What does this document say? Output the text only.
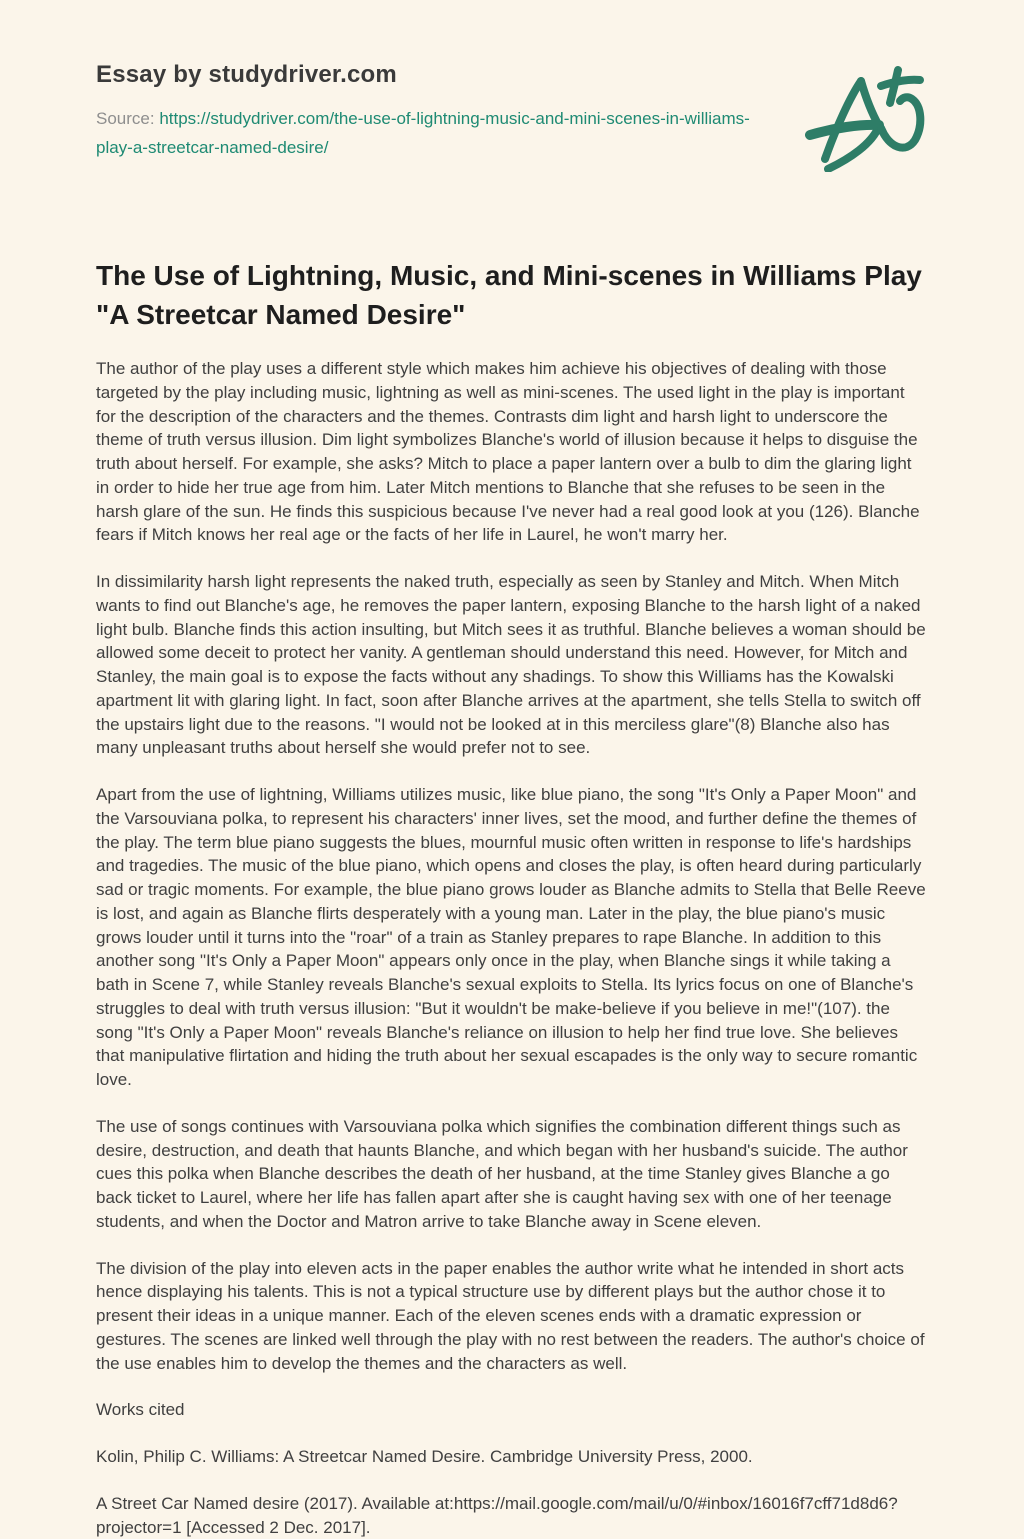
Essay by studydriver.com

Source: https://studydriver.com/the-use-of-lightning-music-and-mini-scenes-in-williams-play-a-streetcar-named-desire/

The Use of Lightning, Music, and Mini-scenes in Williams Play "A Streetcar Named Desire"

The author of the play uses a different style which makes him achieve his objectives of dealing with those targeted by the play including music, lightning as well as mini-scenes. The used light in the play is important for the description of the characters and the themes. Contrasts dim light and harsh light to underscore the theme of truth versus illusion. Dim light symbolizes Blanche's world of illusion because it helps to disguise the truth about herself. For example, she asks? Mitch to place a paper lantern over a bulb to dim the glaring light in order to hide her true age from him. Later Mitch mentions to Blanche that she refuses to be seen in the harsh glare of the sun. He finds this suspicious because I've never had a real good look at you (126). Blanche fears if Mitch knows her real age or the facts of her life in Laurel, he won't marry her.

In dissimilarity harsh light represents the naked truth, especially as seen by Stanley and Mitch. When Mitch wants to find out Blanche's age, he removes the paper lantern, exposing Blanche to the harsh light of a naked light bulb. Blanche finds this action insulting, but Mitch sees it as truthful. Blanche believes a woman should be allowed some deceit to protect her vanity. A gentleman should understand this need. However, for Mitch and Stanley, the main goal is to expose the facts without any shadings. To show this Williams has the Kowalski apartment lit with glaring light. In fact, soon after Blanche arrives at the apartment, she tells Stella to switch off the upstairs light due to the reasons. "I would not be looked at in this merciless glare"(8) Blanche also has many unpleasant truths about herself she would prefer not to see.

Apart from the use of lightning, Williams utilizes music, like blue piano, the song "It's Only a Paper Moon" and the Varsouviana polka, to represent his characters' inner lives, set the mood, and further define the themes of the play. The term blue piano suggests the blues, mournful music often written in response to life's hardships and tragedies. The music of the blue piano, which opens and closes the play, is often heard during particularly sad or tragic moments. For example, the blue piano grows louder as Blanche admits to Stella that Belle Reeve is lost, and again as Blanche flirts desperately with a young man. Later in the play, the blue piano's music grows louder until it turns into the "roar" of a train as Stanley prepares to rape Blanche. In addition to this another song "It's Only a Paper Moon" appears only once in the play, when Blanche sings it while taking a bath in Scene 7, while Stanley reveals Blanche's sexual exploits to Stella. Its lyrics focus on one of Blanche's struggles to deal with truth versus illusion: "But it wouldn't be make-believe if you believe in me!"(107). the song "It's Only a Paper Moon" reveals Blanche's reliance on illusion to help her find true love. She believes that manipulative flirtation and hiding the truth about her sexual escapades is the only way to secure romantic love.

The use of songs continues with Varsouviana polka which signifies the combination different things such as desire, destruction, and death that haunts Blanche, and which began with her husband's suicide. The author cues this polka when Blanche describes the death of her husband, at the time Stanley gives Blanche a go back ticket to Laurel, where her life has fallen apart after she is caught having sex with one of her teenage students, and when the Doctor and Matron arrive to take Blanche away in Scene eleven.

The division of the play into eleven acts in the paper enables the author write what he intended in short acts hence displaying his talents. This is not a typical structure use by different plays but the author chose it to present their ideas in a unique manner. Each of the eleven scenes ends with a dramatic expression or gestures. The scenes are linked well through the play with no rest between the readers. The author's choice of the use enables him to develop the themes and the characters as well.

Works cited

Kolin, Philip C. Williams: A Streetcar Named Desire. Cambridge University Press, 2000.

A Street Car Named desire (2017). Available at:https://mail.google.com/mail/u/0/#inbox/16016f7cff71d8d6?projector=1 [Accessed 2 Dec. 2017].
